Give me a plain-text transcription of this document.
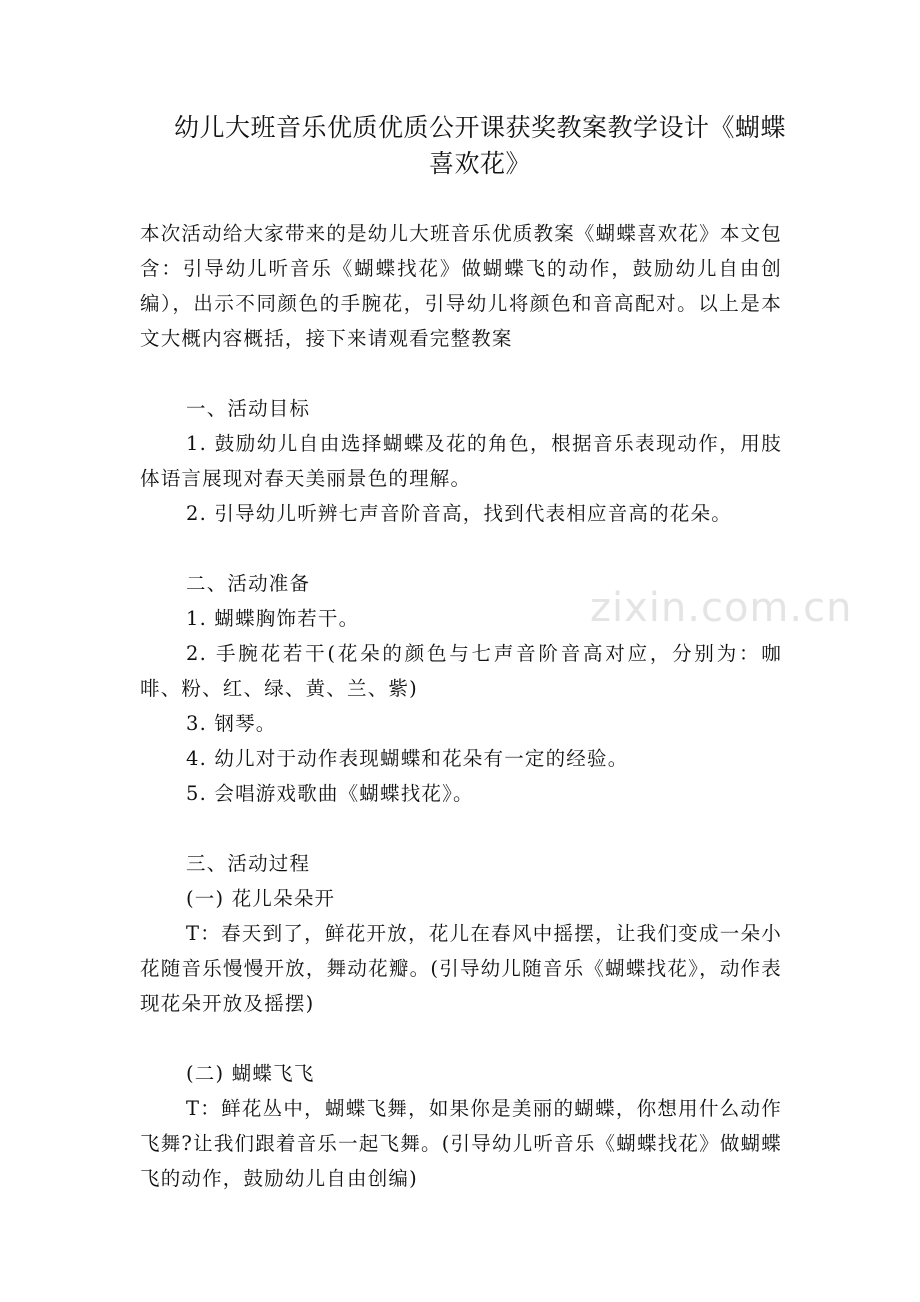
幼儿大班音乐优质优质公开课获奖教案教学设计《蝴蝶
喜欢花》

本次活动给大家带来的是幼儿大班音乐优质教案《蝴蝶喜欢花》本文包含：引导幼儿听音乐《蝴蝶找花》做蝴蝶飞的动作，鼓励幼儿自由创编），出示不同颜色的手腕花，引导幼儿将颜色和音高配对。以上是本文大概内容概括，接下来请观看完整教案

一、活动目标

1. 鼓励幼儿自由选择蝴蝶及花的角色，根据音乐表现动作，用肢体语言展现对春天美丽景色的理解。

2. 引导幼儿听辨七声音阶音高，找到代表相应音高的花朵。

二、活动准备

1. 蝴蝶胸饰若干。

2. 手腕花若干(花朵的颜色与七声音阶音高对应，分别为：咖啡、粉、红、绿、黄、兰、紫)

3. 钢琴。

4. 幼儿对于动作表现蝴蝶和花朵有一定的经验。

5. 会唱游戏歌曲《蝴蝶找花》。

三、活动过程

(一) 花儿朵朵开

T：春天到了，鲜花开放，花儿在春风中摇摆，让我们变成一朵小花随音乐慢慢开放，舞动花瓣。(引导幼儿随音乐《蝴蝶找花》，动作表现花朵开放及摇摆)

(二) 蝴蝶飞飞

T：鲜花丛中，蝴蝶飞舞，如果你是美丽的蝴蝶，你想用什么动作飞舞?让我们跟着音乐一起飞舞。(引导幼儿听音乐《蝴蝶找花》做蝴蝶飞的动作，鼓励幼儿自由创编)

zixin.com.cn
